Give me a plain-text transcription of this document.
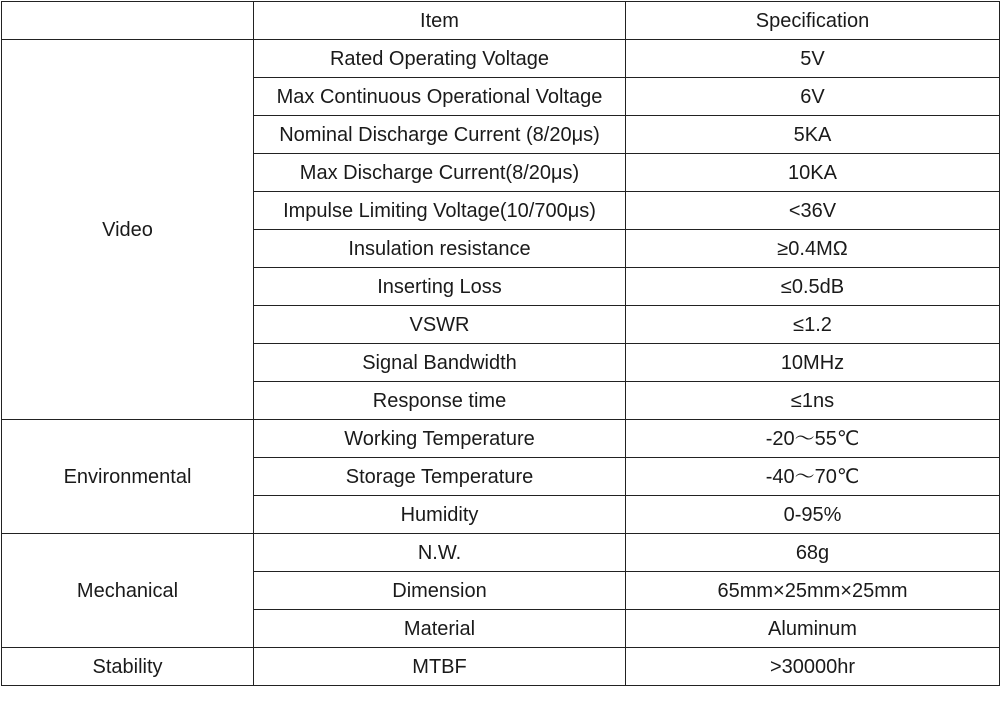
	Item	Specification
Video	Rated Operating Voltage	5V
	Max Continuous Operational Voltage	6V
	Nominal Discharge Current (8/20μs)	5KA
	Max Discharge Current(8/20μs)	10KA
	Impulse Limiting Voltage(10/700μs)	<36V
	Insulation resistance	≥0.4MΩ
	Inserting Loss	≤0.5dB
	VSWR	≤1.2
	Signal Bandwidth	10MHz
	Response time	≤1ns
Environmental	Working Temperature	-20～55℃
	Storage Temperature	-40～70℃
	Humidity	0-95%
Mechanical	N.W.	68g
	Dimension	65mm×25mm×25mm
	Material	Aluminum
Stability	MTBF	>30000hr
